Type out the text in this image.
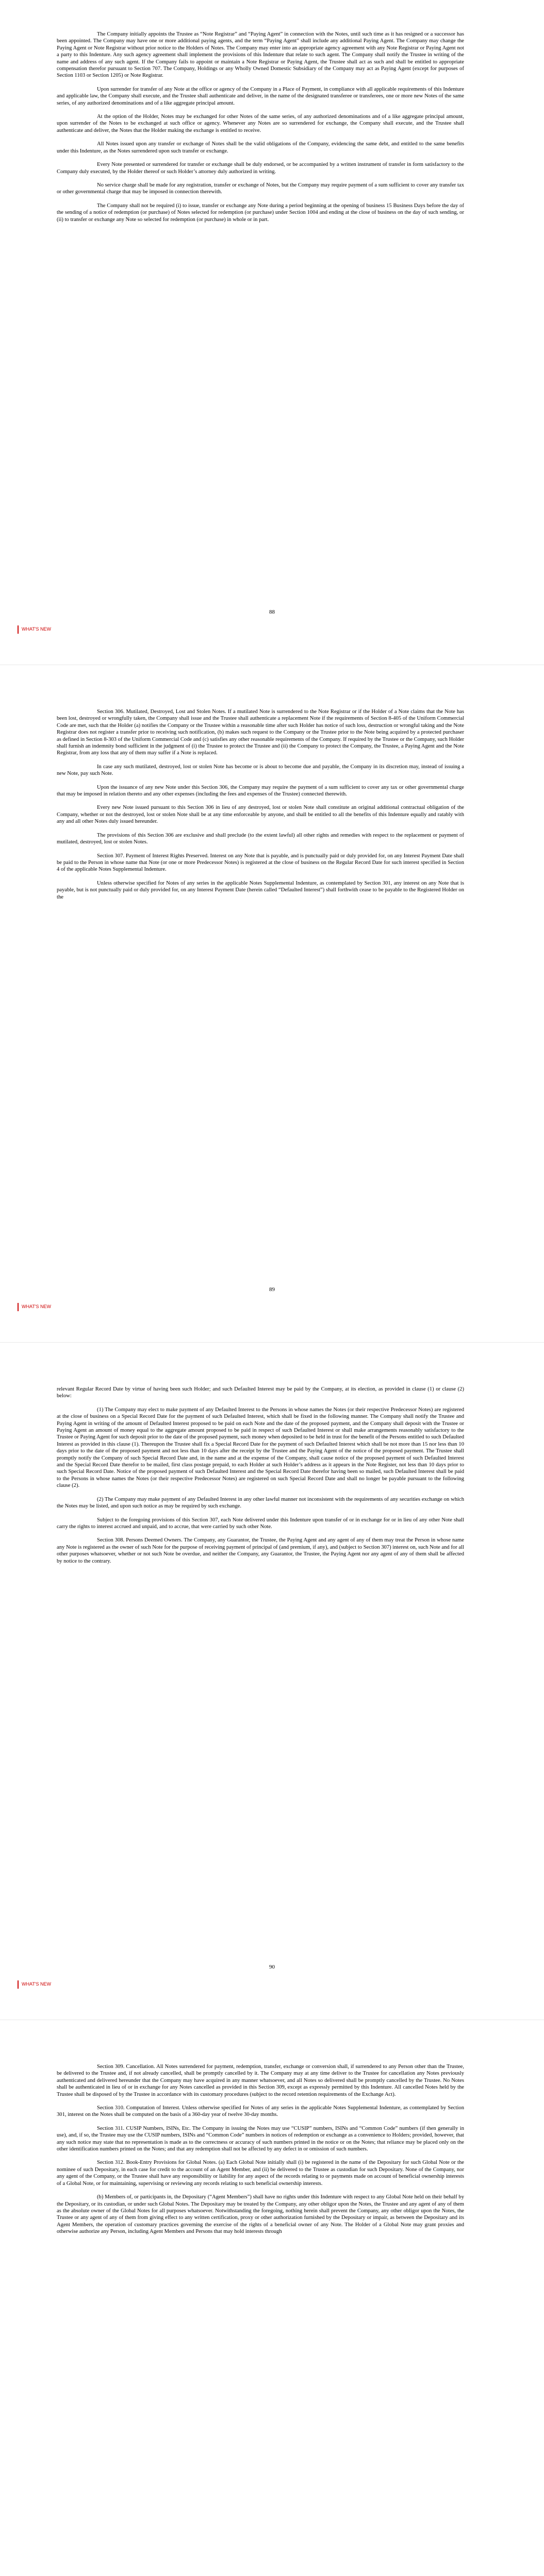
The Company initially appoints the Trustee as “Note Registrar” and “Paying Agent” in connection with the Notes, until such time as it has resigned or a successor has been appointed. The Company may have one or more additional paying agents, and the term “Paying Agent” shall include any additional Paying Agent. The Company may change the Paying Agent or Note Registrar without prior notice to the Holders of Notes. The Company may enter into an appropriate agency agreement with any Note Registrar or Paying Agent not a party to this Indenture. Any such agency agreement shall implement the provisions of this Indenture that relate to such agent. The Company shall notify the Trustee in writing of the name and address of any such agent. If the Company fails to appoint or maintain a Note Registrar or Paying Agent, the Trustee shall act as such and shall be entitled to appropriate compensation therefor pursuant to Section 707. The Company, Holdings or any Wholly Owned Domestic Subsidiary of the Company may act as Paying Agent (except for purposes of Section 1103 or Section 1205) or Note Registrar.

Upon surrender for transfer of any Note at the office or agency of the Company in a Place of Payment, in compliance with all applicable requirements of this Indenture and applicable law, the Company shall execute, and the Trustee shall authenticate and deliver, in the name of the designated transferee or transferees, one or more new Notes of the same series, of any authorized denominations and of a like aggregate principal amount.

At the option of the Holder, Notes may be exchanged for other Notes of the same series, of any authorized denominations and of a like aggregate principal amount, upon surrender of the Notes to be exchanged at such office or agency. Whenever any Notes are so surrendered for exchange, the Company shall execute, and the Trustee shall authenticate and deliver, the Notes that the Holder making the exchange is entitled to receive.

All Notes issued upon any transfer or exchange of Notes shall be the valid obligations of the Company, evidencing the same debt, and entitled to the same benefits under this Indenture, as the Notes surrendered upon such transfer or exchange.

Every Note presented or surrendered for transfer or exchange shall be duly endorsed, or be accompanied by a written instrument of transfer in form satisfactory to the Company duly executed, by the Holder thereof or such Holder’s attorney duly authorized in writing.

No service charge shall be made for any registration, transfer or exchange of Notes, but the Company may require payment of a sum sufficient to cover any transfer tax or other governmental charge that may be imposed in connection therewith.

The Company shall not be required (i) to issue, transfer or exchange any Note during a period beginning at the opening of business 15 Business Days before the day of the sending of a notice of redemption (or purchase) of Notes selected for redemption (or purchase) under Section 1004 and ending at the close of business on the day of such sending, or (ii) to transfer or exchange any Note so selected for redemption (or purchase) in whole or in part.

88
WHAT'S NEW

Section 306. Mutilated, Destroyed, Lost and Stolen Notes. If a mutilated Note is surrendered to the Note Registrar or if the Holder of a Note claims that the Note has been lost, destroyed or wrongfully taken, the Company shall issue and the Trustee shall authenticate a replacement Note if the requirements of Section 8-405 of the Uniform Commercial Code are met, such that the Holder (a) notifies the Company or the Trustee within a reasonable time after such Holder has notice of such loss, destruction or wrongful taking and the Note Registrar does not register a transfer prior to receiving such notification, (b) makes such request to the Company or the Trustee prior to the Note being acquired by a protected purchaser as defined in Section 8-303 of the Uniform Commercial Code and (c) satisfies any other reasonable requirements of the Company. If required by the Trustee or the Company, such Holder shall furnish an indemnity bond sufficient in the judgment of (i) the Trustee to protect the Trustee and (ii) the Company to protect the Company, the Trustee, a Paying Agent and the Note Registrar, from any loss that any of them may suffer if a Note is replaced.

In case any such mutilated, destroyed, lost or stolen Note has become or is about to become due and payable, the Company in its discretion may, instead of issuing a new Note, pay such Note.

Upon the issuance of any new Note under this Section 306, the Company may require the payment of a sum sufficient to cover any tax or other governmental charge that may be imposed in relation thereto and any other expenses (including the fees and expenses of the Trustee) connected therewith.

Every new Note issued pursuant to this Section 306 in lieu of any destroyed, lost or stolen Note shall constitute an original additional contractual obligation of the Company, whether or not the destroyed, lost or stolen Note shall be at any time enforceable by anyone, and shall be entitled to all the benefits of this Indenture equally and ratably with any and all other Notes duly issued hereunder.

The provisions of this Section 306 are exclusive and shall preclude (to the extent lawful) all other rights and remedies with respect to the replacement or payment of mutilated, destroyed, lost or stolen Notes.

Section 307. Payment of Interest Rights Preserved. Interest on any Note that is payable, and is punctually paid or duly provided for, on any Interest Payment Date shall be paid to the Person in whose name that Note (or one or more Predecessor Notes) is registered at the close of business on the Regular Record Date for such interest specified in Section 4 of the applicable Notes Supplemental Indenture.

Unless otherwise specified for Notes of any series in the applicable Notes Supplemental Indenture, as contemplated by Section 301, any interest on any Note that is payable, but is not punctually paid or duly provided for, on any Interest Payment Date (herein called “Defaulted Interest”) shall forthwith cease to be payable to the Registered Holder on the

89
WHAT'S NEW

relevant Regular Record Date by virtue of having been such Holder; and such Defaulted Interest may be paid by the Company, at its election, as provided in clause (1) or clause (2) below:

(1) The Company may elect to make payment of any Defaulted Interest to the Persons in whose names the Notes (or their respective Predecessor Notes) are registered at the close of business on a Special Record Date for the payment of such Defaulted Interest, which shall be fixed in the following manner. The Company shall notify the Trustee and Paying Agent in writing of the amount of Defaulted Interest proposed to be paid on each Note and the date of the proposed payment, and the Company shall deposit with the Trustee or Paying Agent an amount of money equal to the aggregate amount proposed to be paid in respect of such Defaulted Interest or shall make arrangements reasonably satisfactory to the Trustee or Paying Agent for such deposit prior to the date of the proposed payment, such money when deposited to be held in trust for the benefit of the Persons entitled to such Defaulted Interest as provided in this clause (1). Thereupon the Trustee shall fix a Special Record Date for the payment of such Defaulted Interest which shall be not more than 15 nor less than 10 days prior to the date of the proposed payment and not less than 10 days after the receipt by the Trustee and the Paying Agent of the notice of the proposed payment. The Trustee shall promptly notify the Company of such Special Record Date and, in the name and at the expense of the Company, shall cause notice of the proposed payment of such Defaulted Interest and the Special Record Date therefor to be mailed, first class postage prepaid, to each Holder at such Holder’s address as it appears in the Note Register, not less than 10 days prior to such Special Record Date. Notice of the proposed payment of such Defaulted Interest and the Special Record Date therefor having been so mailed, such Defaulted Interest shall be paid to the Persons in whose names the Notes (or their respective Predecessor Notes) are registered on such Special Record Date and shall no longer be payable pursuant to the following clause (2).

(2) The Company may make payment of any Defaulted Interest in any other lawful manner not inconsistent with the requirements of any securities exchange on which the Notes may be listed, and upon such notice as may be required by such exchange.

Subject to the foregoing provisions of this Section 307, each Note delivered under this Indenture upon transfer of or in exchange for or in lieu of any other Note shall carry the rights to interest accrued and unpaid, and to accrue, that were carried by such other Note.

Section 308. Persons Deemed Owners. The Company, any Guarantor, the Trustee, the Paying Agent and any agent of any of them may treat the Person in whose name any Note is registered as the owner of such Note for the purpose of receiving payment of principal of (and premium, if any), and (subject to Section 307) interest on, such Note and for all other purposes whatsoever, whether or not such Note be overdue, and neither the Company, any Guarantor, the Trustee, the Paying Agent nor any agent of any of them shall be affected by notice to the contrary.

90
WHAT'S NEW

Section 309. Cancellation. All Notes surrendered for payment, redemption, transfer, exchange or conversion shall, if surrendered to any Person other than the Trustee, be delivered to the Trustee and, if not already cancelled, shall be promptly cancelled by it. The Company may at any time deliver to the Trustee for cancellation any Notes previously authenticated and delivered hereunder that the Company may have acquired in any manner whatsoever, and all Notes so delivered shall be promptly cancelled by the Trustee. No Notes shall be authenticated in lieu of or in exchange for any Notes cancelled as provided in this Section 309, except as expressly permitted by this Indenture. All cancelled Notes held by the Trustee shall be disposed of by the Trustee in accordance with its customary procedures (subject to the record retention requirements of the Exchange Act).

Section 310. Computation of Interest. Unless otherwise specified for Notes of any series in the applicable Notes Supplemental Indenture, as contemplated by Section 301, interest on the Notes shall be computed on the basis of a 360-day year of twelve 30-day months.

Section 311. CUSIP Numbers, ISINs, Etc. The Company in issuing the Notes may use “CUSIP” numbers, ISINs and “Common Code” numbers (if then generally in use), and, if so, the Trustee may use the CUSIP numbers, ISINs and “Common Code” numbers in notices of redemption or exchange as a convenience to Holders; provided, however, that any such notice may state that no representation is made as to the correctness or accuracy of such numbers printed in the notice or on the Notes; that reliance may be placed only on the other identification numbers printed on the Notes; and that any redemption shall not be affected by any defect in or omission of such numbers.

Section 312. Book-Entry Provisions for Global Notes. (a) Each Global Note initially shall (i) be registered in the name of the Depositary for such Global Note or the nominee of such Depositary, in each case for credit to the account of an Agent Member, and (ii) be delivered to the Trustee as custodian for such Depositary. None of the Company, nor any agent of the Company, or the Trustee shall have any responsibility or liability for any aspect of the records relating to or payments made on account of beneficial ownership interests of a Global Note, or for maintaining, supervising or reviewing any records relating to such beneficial ownership interests.

(b) Members of, or participants in, the Depositary (“Agent Members”) shall have no rights under this Indenture with respect to any Global Note held on their behalf by the Depositary, or its custodian, or under such Global Notes. The Depositary may be treated by the Company, any other obligor upon the Notes, the Trustee and any agent of any of them as the absolute owner of the Global Notes for all purposes whatsoever. Notwithstanding the foregoing, nothing herein shall prevent the Company, any other obligor upon the Notes, the Trustee or any agent of any of them from giving effect to any written certification, proxy or other authorization furnished by the Depositary or impair, as between the Depositary and its Agent Members, the operation of customary practices governing the exercise of the rights of a beneficial owner of any Note. The Holder of a Global Note may grant proxies and otherwise authorize any Person, including Agent Members and Persons that may hold interests through
